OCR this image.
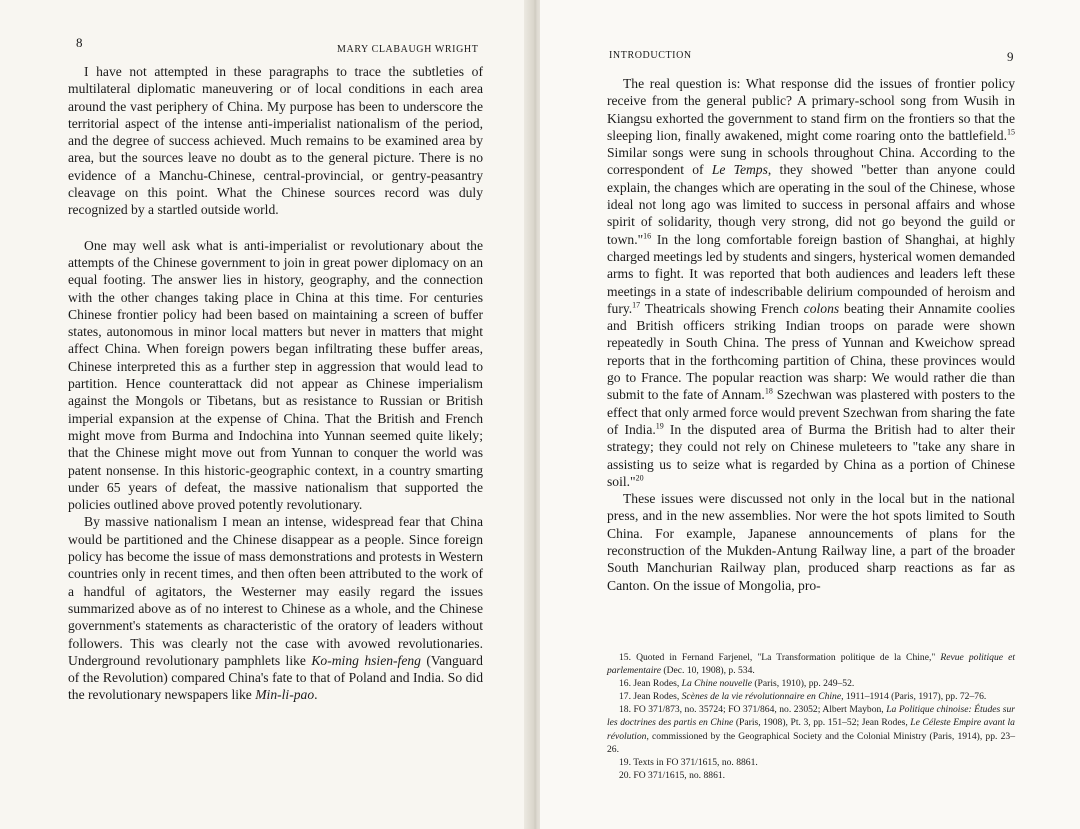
8	MARY CLABAUGH WRIGHT

I have not attempted in these paragraphs to trace the subtleties of multilateral diplomatic maneuvering or of local conditions in each area around the vast periphery of China. My purpose has been to underscore the territorial aspect of the intense anti-imperialist nationalism of the period, and the degree of success achieved. Much remains to be examined area by area, but the sources leave no doubt as to the general picture. There is no evidence of a Manchu-Chinese, central-provincial, or gentry-peasantry cleavage on this point. What the Chinese sources record was duly recognized by a startled outside world.

One may well ask what is anti-imperialist or revolutionary about the attempts of the Chinese government to join in great power diplomacy on an equal footing. The answer lies in history, geography, and the connection with the other changes taking place in China at this time. For centuries Chinese frontier policy had been based on maintaining a screen of buffer states, autonomous in minor local matters but never in matters that might affect China. When foreign powers began infiltrating these buffer areas, Chinese interpreted this as a further step in aggression that would lead to partition. Hence counterattack did not appear as Chinese imperialism against the Mongols or Tibetans, but as resistance to Russian or British imperial expansion at the expense of China. That the British and French might move from Burma and Indochina into Yunnan seemed quite likely; that the Chinese might move out from Yunnan to conquer the world was patent nonsense. In this historic-geographic context, in a country smarting under 65 years of defeat, the massive nationalism that supported the policies outlined above proved potently revolutionary.

By massive nationalism I mean an intense, widespread fear that China would be partitioned and the Chinese disappear as a people. Since foreign policy has become the issue of mass demonstrations and protests in Western countries only in recent times, and then often been attributed to the work of a handful of agitators, the Westerner may easily regard the issues summarized above as of no interest to Chinese as a whole, and the Chinese government's statements as characteristic of the oratory of leaders without followers. This was clearly not the case with avowed revolutionaries. Underground revolutionary pamphlets like Ko-ming hsien-feng (Vanguard of the Revolution) compared China's fate to that of Poland and India. So did the revolutionary newspapers like Min-li-pao.

INTRODUCTION	9

The real question is: What response did the issues of frontier policy receive from the general public? A primary-school song from Wusih in Kiangsu exhorted the government to stand firm on the frontiers so that the sleeping lion, finally awakened, might come roaring onto the battlefield.$^{15}$ Similar songs were sung in schools throughout China. According to the correspondent of Le Temps, they showed "better than anyone could explain, the changes which are operating in the soul of the Chinese, whose ideal not long ago was limited to success in personal affairs and whose spirit of solidarity, though very strong, did not go beyond the guild or town."$^{16}$ In the long comfortable foreign bastion of Shanghai, at highly charged meetings led by students and singers, hysterical women demanded arms to fight. It was reported that both audiences and leaders left these meetings in a state of indescribable delirium compounded of heroism and fury.$^{17}$ Theatricals showing French colons beating their Annamite coolies and British officers striking Indian troops on parade were shown repeatedly in South China. The press of Yunnan and Kweichow spread reports that in the forthcoming partition of China, these provinces would go to France. The popular reaction was sharp: We would rather die than submit to the fate of Annam.$^{18}$ Szechwan was plastered with posters to the effect that only armed force would prevent Szechwan from sharing the fate of India.$^{19}$ In the disputed area of Burma the British had to alter their strategy; they could not rely on Chinese muleteers to "take any share in assisting us to seize what is regarded by China as a portion of Chinese soil."$^{20}$

These issues were discussed not only in the local but in the national press, and in the new assemblies. Nor were the hot spots limited to South China. For example, Japanese announcements of plans for the reconstruction of the Mukden-Antung Railway line, a part of the broader South Manchurian Railway plan, produced sharp reactions as far as Canton. On the issue of Mongolia, pro-

15. Quoted in Fernand Farjenel, "La Transformation politique de la Chine," Revue politique et parlementaire (Dec. 10, 1908), p. 534.

16. Jean Rodes, La Chine nouvelle (Paris, 1910), pp. 249–52.

17. Jean Rodes, Scènes de la vie révolutionnaire en Chine, 1911–1914 (Paris, 1917), pp. 72–76.

18. FO 371/873, no. 35724; FO 371/864, no. 23052; Albert Maybon, La Politique chinoise: Études sur les doctrines des partis en Chine (Paris, 1908), Pt. 3, pp. 151–52; Jean Rodes, Le Céleste Empire avant la révolution, commissioned by the Geographical Society and the Colonial Ministry (Paris, 1914), pp. 23–26.

19. Texts in FO 371/1615, no. 8861.

20. FO 371/1615, no. 8861.
